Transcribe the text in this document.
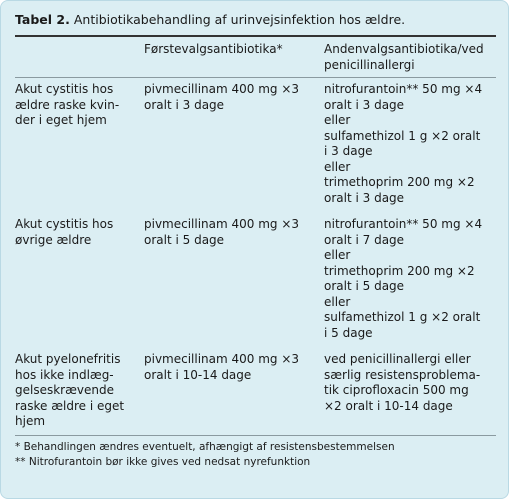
Tabel 2. Antibiotikabehandling af urinvejsinfektion hos ældre.
Førstevalgsantibiotika*	Andenvalgsantibiotika/ved
penicillinallergi
Akut cystitis hos
ældre raske kvin-
der i eget hjem
pivmecillinam 400 mg ×3
oralt i 3 dage
nitrofurantoin** 50 mg ×4
oralt i 3 dage
eller
sulfamethizol 1 g ×2 oralt
i 3 dage
eller
trimethoprim 200 mg ×2
oralt i 3 dage
Akut cystitis hos
øvrige ældre
pivmecillinam 400 mg ×3
oralt i 5 dage
nitrofurantoin** 50 mg ×4
oralt i 7 dage
eller
trimethoprim 200 mg ×2
oralt i 5 dage
eller
sulfamethizol 1 g ×2 oralt
i 5 dage
Akut pyelonefritis
hos ikke indlæg-
gelseskrævende
raske ældre i eget
hjem
pivmecillinam 400 mg ×3
oralt i 10-14 dage
ved penicillinallergi eller
særlig resistensproblema-
tik ciprofloxacin 500 mg
×2 oralt i 10-14 dage
* Behandlingen ændres eventuelt, afhængigt af resistensbestemmelsen
** Nitrofurantoin bør ikke gives ved nedsat nyrefunktion
